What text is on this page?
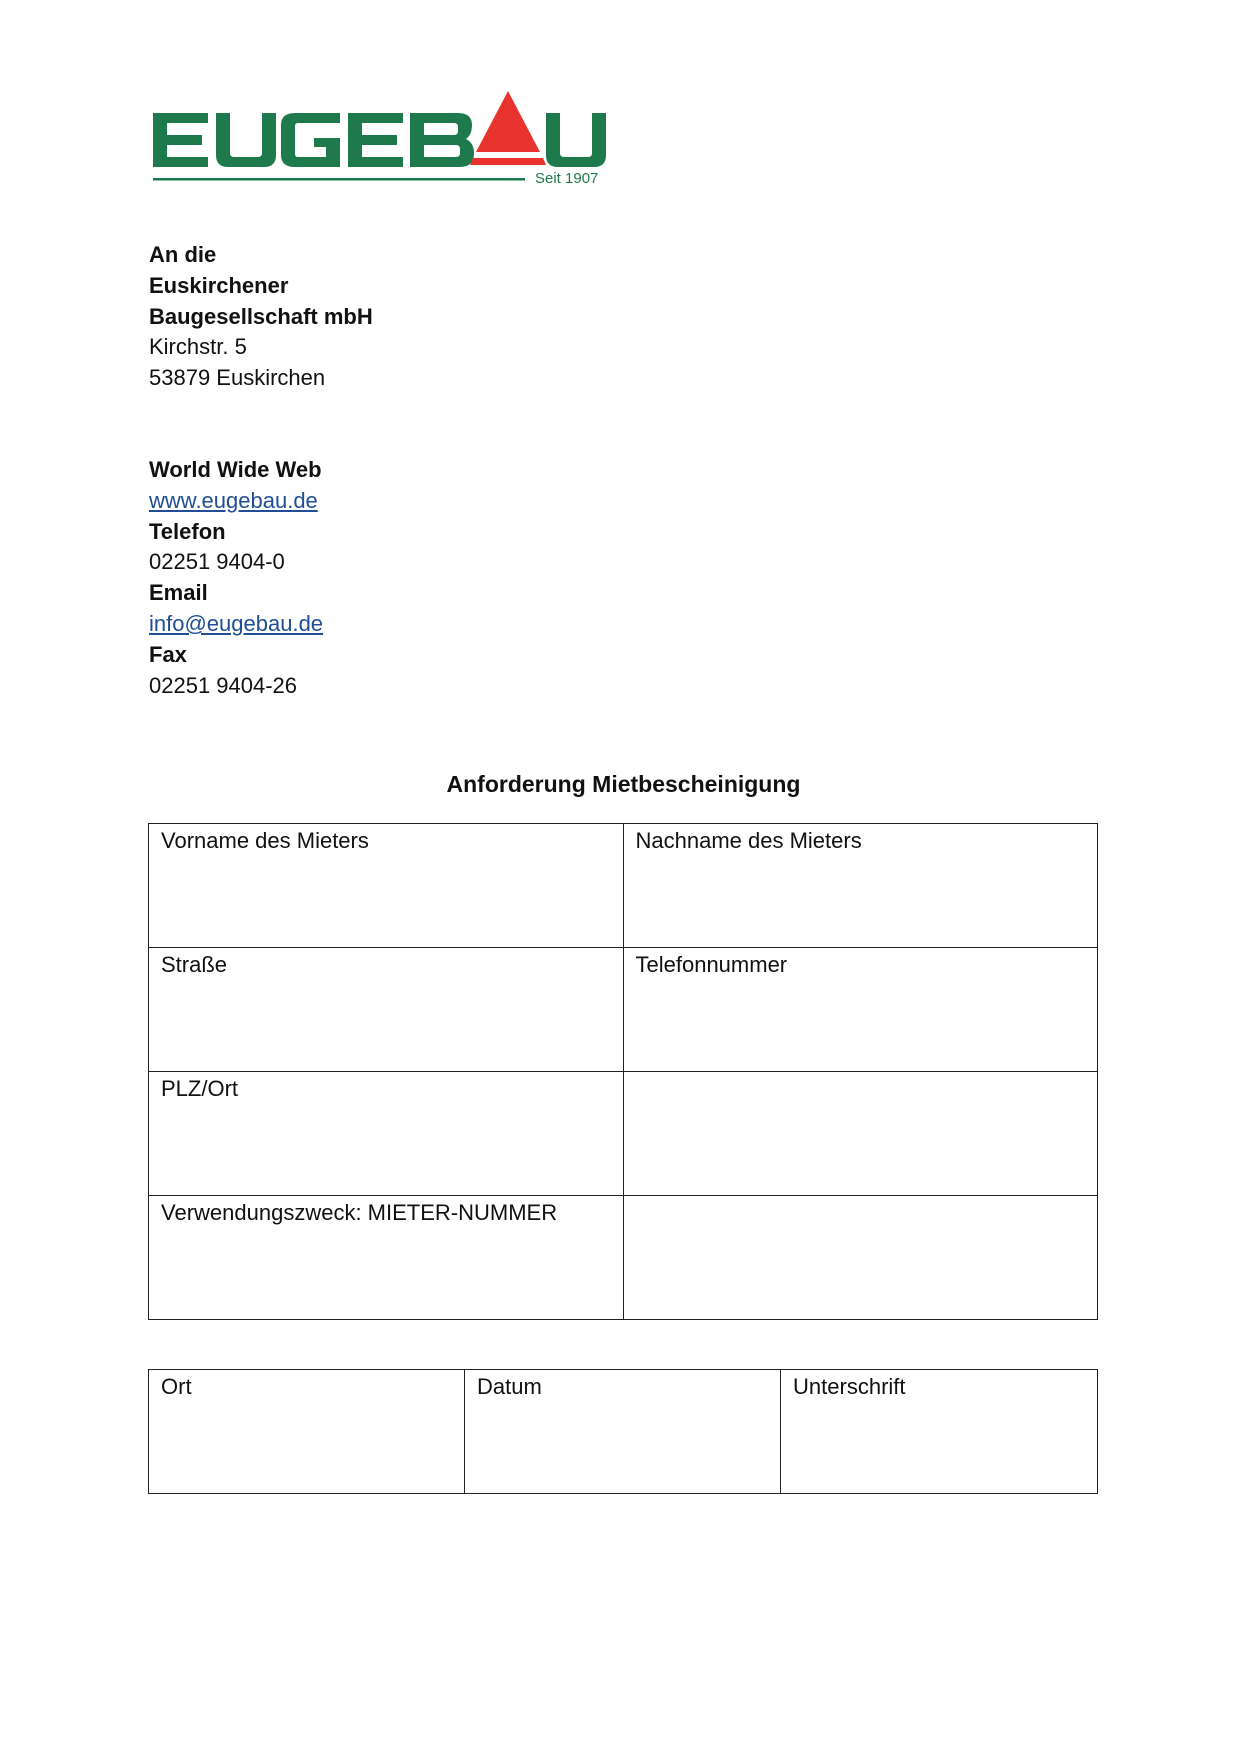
Seit 1907
An die
Euskirchener
Baugesellschaft mbH
Kirchstr. 5
53879 Euskirchen
World Wide Web
www.eugebau.de
Telefon
02251 9404-0
Email
info@eugebau.de
Fax
02251 9404-26
Anforderung Mietbescheinigung
Vorname des Mieters	Nachname des Mieters
Straße	Telefonnummer
PLZ/Ort	
Verwendungszweck: MIETER-NUMMER	
Ort	Datum	Unterschrift
